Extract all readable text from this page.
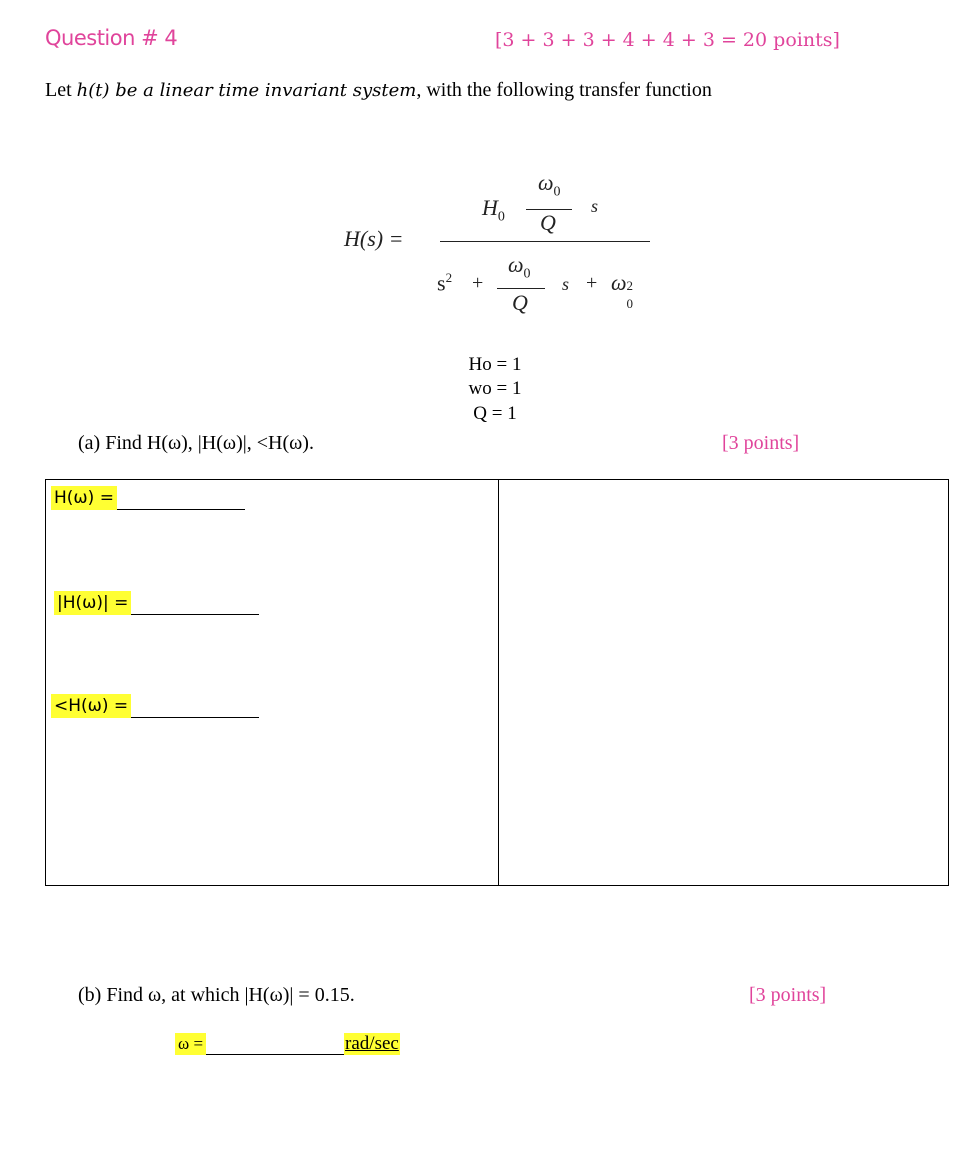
Question # 4	[3 + 3 + 3 + 4 + 4 + 3 = 20 points]
Let h(t) be a linear time invariant system, with the following transfer function
H(s) =
$H_0$
$\omega_0$
Q
s
$s^2$ +
$\omega_0$
Q
s + ω 2
0
Ho = 1
wo = 1
Q = 1
(a) Find H(ω), |H(ω)|, <H(ω).	[3 points]
H(ω) =
|H(ω)| =
<H(ω) =
(b) Find ω, at which |H(ω)| = 0.15.	[3 points]
ω =	rad/sec
